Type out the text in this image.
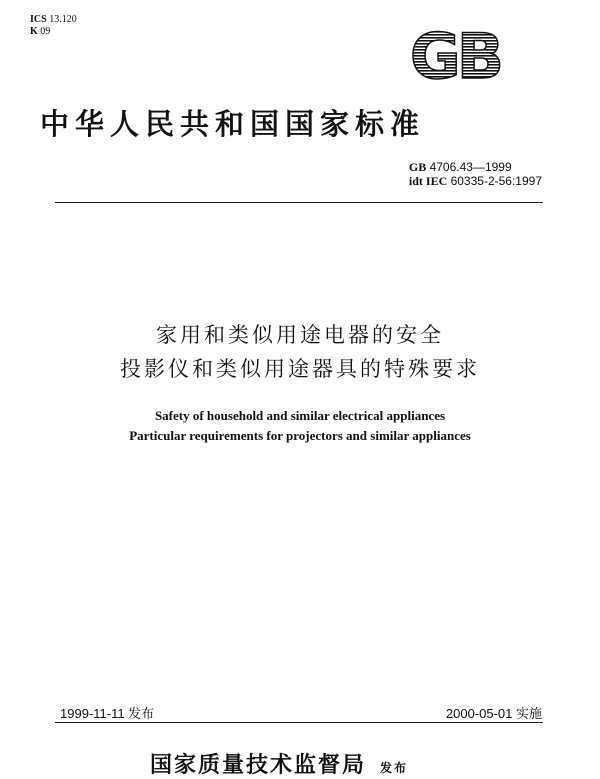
ICS 13.120
K 09	GB
中华人民共和国国家标准
GB 4706.43—1999
idt IEC 60335-2-56:1997
家用和类似用途电器的安全
投影仪和类似用途器具的特殊要求
Safety of household and similar electrical appliances
Particular requirements for projectors and similar appliances
1999-11-11 发布	2000-05-01 实施
国家质量技术监督局 发布
